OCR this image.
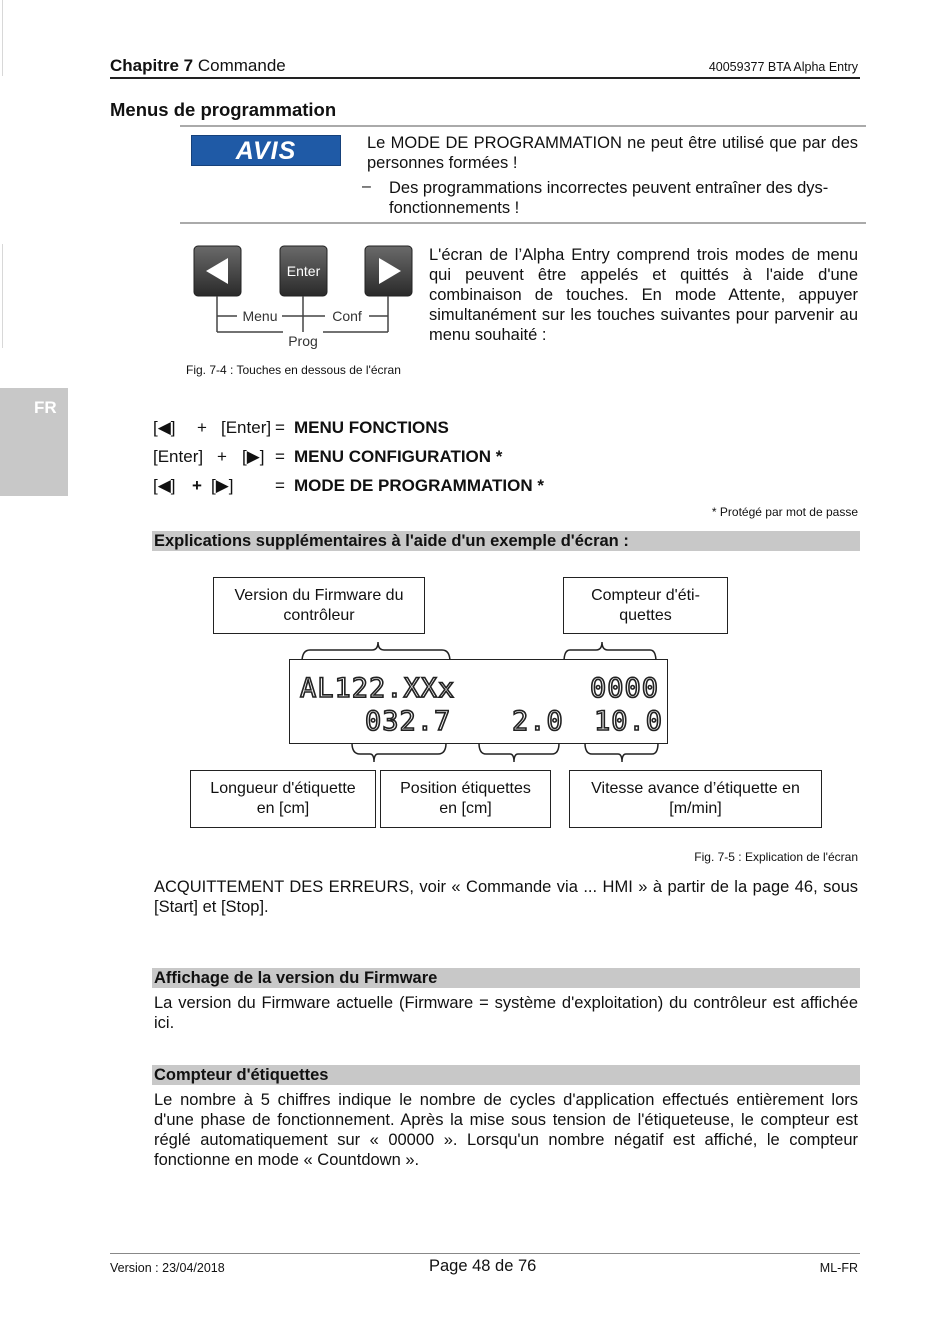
FR
Chapitre 7 Commande	40059377 BTA Alpha Entry
Menus de programmation
AVIS	Le MODE DE PROGRAMMATION ne peut être utilisé que par des personnes formées !
– Des programmations incorrectes peuvent entraîner des dys-fonctionnements !
Enter
Menu	Conf
Prog
L'écran de l’Alpha Entry comprend trois modes de menu qui peuvent être appelés et quittés à l'aide d'une combinaison de touches. En mode Attente, appuyer simultanément sur les touches suivantes pour parvenir au menu souhaité :
Fig. 7-4 : Touches en dessous de l'écran
[◀] + [Enter] = MENU FONCTIONS
[Enter] + [▶] = MENU CONFIGURATION *
[◀] + [▶] = MODE DE PROGRAMMATION *
* Protégé par mot de passe
Explications supplémentaires à l'aide d'un exemple d'écran :
Version du Firmware du contrôleur
Compteur d'éti-quettes
AL122.XXx	0000
032.7 2.0 10.0
Longueur d'étiquette en [cm]
Position étiquettes en [cm]
Vitesse avance d’étiquette en [m/min]
Fig. 7-5 : Explication de l'écran
ACQUITTEMENT DES ERREURS, voir « Commande via ... HMI » à partir de la page 46, sous [Start] et [Stop].
Affichage de la version du Firmware
La version du Firmware actuelle (Firmware = système d'exploitation) du contrôleur est affichée ici.
Compteur d'étiquettes
Le nombre à 5 chiffres indique le nombre de cycles d'application effectués entièrement lors d'une phase de fonctionnement. Après la mise sous tension de l'étiqueteuse, le compteur est réglé automatiquement sur « 00000 ». Lorsqu'un nombre négatif est affiché, le compteur fonctionne en mode « Countdown ».
Version : 23/04/2018	Page 48 de 76	ML-FR
